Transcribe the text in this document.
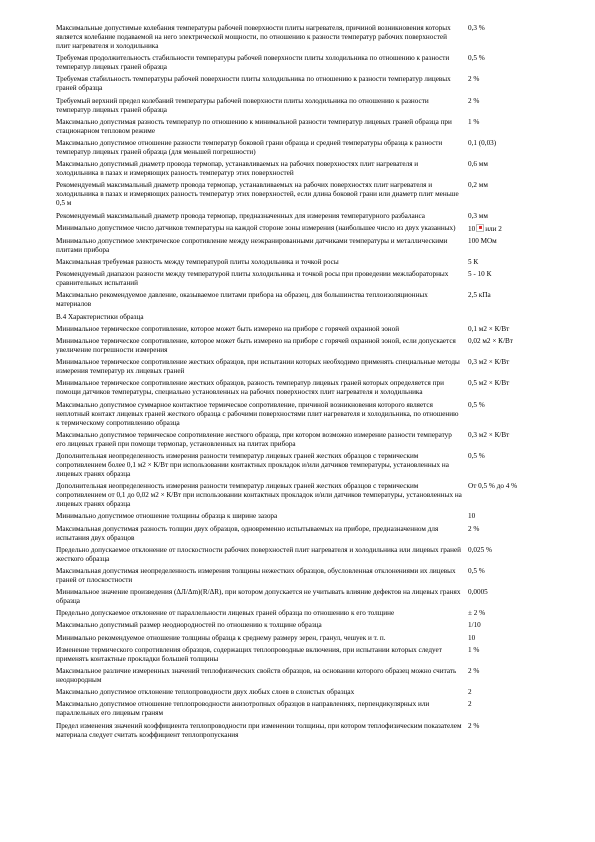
Максимальные допустимые колебания температуры рабочей поверхности плиты нагревателя, причиной возникновения которых является колебание подаваемой на него электрической мощности, по отношению к разности температур рабочих поверхностей плит нагревателя и холодильника
0,3 %
Требуемая продолжительность стабильности температуры рабочей поверхности плиты холодильника по отношению к разности температур лицевых граней образца
0,5 %
Требуемая стабильность температуры рабочей поверхности плиты холодильника по отношению к разности температур лицевых граней образца
2 %
Требуемый верхний предел колебаний температуры рабочей поверхности плиты холодильника по отношению к разности температур лицевых граней образца
2 %
Максимально допустимая разность температур по отношению к минимальной разности температур лицевых граней образца при стационарном тепловом режиме
1 %
Максимально допустимое отношение разности температур боковой грани образца и средней температуры образца к разности температур лицевых граней образца (для меньшей погрешности)
0,1 (0,03)
Максимально допустимый диаметр провода термопар, устанавливаемых на рабочих поверхностях плит нагревателя и холодильника в пазах и измеряющих разность температур этих поверхностей
0,6 мм
Рекомендуемый максимальный диаметр провода термопар, устанавливаемых на рабочих поверхностях плит нагревателя и холодильника в пазах и измеряющих разность температур этих поверхностей, если длина боковой грани или диаметр плит меньше 0,5 м
0,2 мм
Рекомендуемый максимальный диаметр провода термопар, предназначенных для измерения температурного разбаланса	0,3 мм
Минимально допустимое число датчиков температуры на каждой стороне зоны измерения (наибольшее число из двух указанных)	10 или 2
Минимально допустимое электрическое сопротивление между неэкранированными датчиками температуры и металлическими плитами прибора
100 МОм
Максимальная требуемая разность между температурой плиты холодильника и точкой росы	5 К
Рекомендуемый диапазон разности между температурой плиты холодильника и точкой росы при проведении межлабораторных сравнительных испытаний
5 - 10 К
Максимально рекомендуемое давление, оказываемое плитами прибора на образец, для большинства теплоизоляционных материалов
2,5 кПа
В.4 Характеристики образца
Минимальное термическое сопротивление, которое может быть измерено на приборе с горячей охранной зоной	0,1 м2 × К/Вт
Минимальное термическое сопротивление, которое может быть измерено на приборе с горячей охранной зоной, если допускается увеличение погрешности измерения
0,02 м2 × К/Вт
Минимальное термическое сопротивление жестких образцов, при испытании которых необходимо применять специальные методы измерения температур их лицевых граней
0,3 м2 × К/Вт
Минимальное термическое сопротивление жестких образцов, разность температур лицевых граней которых определяется при помощи датчиков температуры, специально установленных на рабочих поверхностях плит нагревателя и холодильника
0,5 м2 × К/Вт
Максимально допустимое суммарное контактное термическое сопротивление, причиной возникновения которого является неплотный контакт лицевых граней жесткого образца с рабочими поверхностями плит нагревателя и холодильника, по отношению к термическому сопротивлению образца
0,5 %
Максимально допустимое термическое сопротивление жесткого образца, при котором возможно измерение разности температур его лицевых граней при помощи термопар, установленных на плитах прибора
0,3 м2 × К/Вт
Дополнительная неопределенность измерения разности температур лицевых граней жестких образцов с термическим сопротивлением более 0,1 м2 × К/Вт при использовании контактных прокладок и/или датчиков температуры, установленных на лицевых гранях образца
0,5 %
Дополнительная неопределенность измерения разности температур лицевых граней жестких образцов с термическим сопротивлением от 0,1 до 0,02 м2 × К/Вт при использовании контактных прокладок и/или датчиков температуры, установленных на лицевых гранях образца
От 0,5 % до 4 %
Минимально допустимое отношение толщины образца к ширине зазора	10
Максимальная допустимая разность толщин двух образцов, одновременно испытываемых на приборе, предназначенном для испытания двух образцов
2 %
Предельно допускаемое отклонение от плоскостности рабочих поверхностей плит нагревателя и холодильника или лицевых граней жесткого образца
0,025 %
Максимальная допустимая неопределенность измерения толщины нежестких образцов, обусловленная отклонениями их лицевых граней от плоскостности
0,5 %
Минимальное значение произведения (ΔЛ/Δm)(R/ΔR), при котором допускается не учитывать влияние дефектов на лицевых гранях образца
0,0005
Предельно допускаемое отклонение от параллельности лицевых граней образца по отношению к его толщине	± 2 %
Максимально допустимый размер неоднородностей по отношению к толщине образца	1/10
Минимально рекомендуемое отношение толщины образца к среднему размеру зерен, гранул, чешуек и т. п.	10
Изменение термического сопротивления образцов, содержащих теплопроводные включения, при испытании которых следует применять контактные прокладки большей толщины
1 %
Максимальное различие измеренных значений теплофизических свойств образцов, на основании которого образец можно считать неоднородным
2 %
Максимально допустимое отклонение теплопроводности двух любых слоев в слоистых образцах	2
Максимально допустимое отношение теплопроводности анизотропных образцов в направлениях, перпендикулярных или параллельных его лицевым граням
2
Предел изменения значений коэффициента теплопроводности при изменении толщины, при котором теплофизическим показателем материала следует считать коэффициент теплопропускания
2 %
